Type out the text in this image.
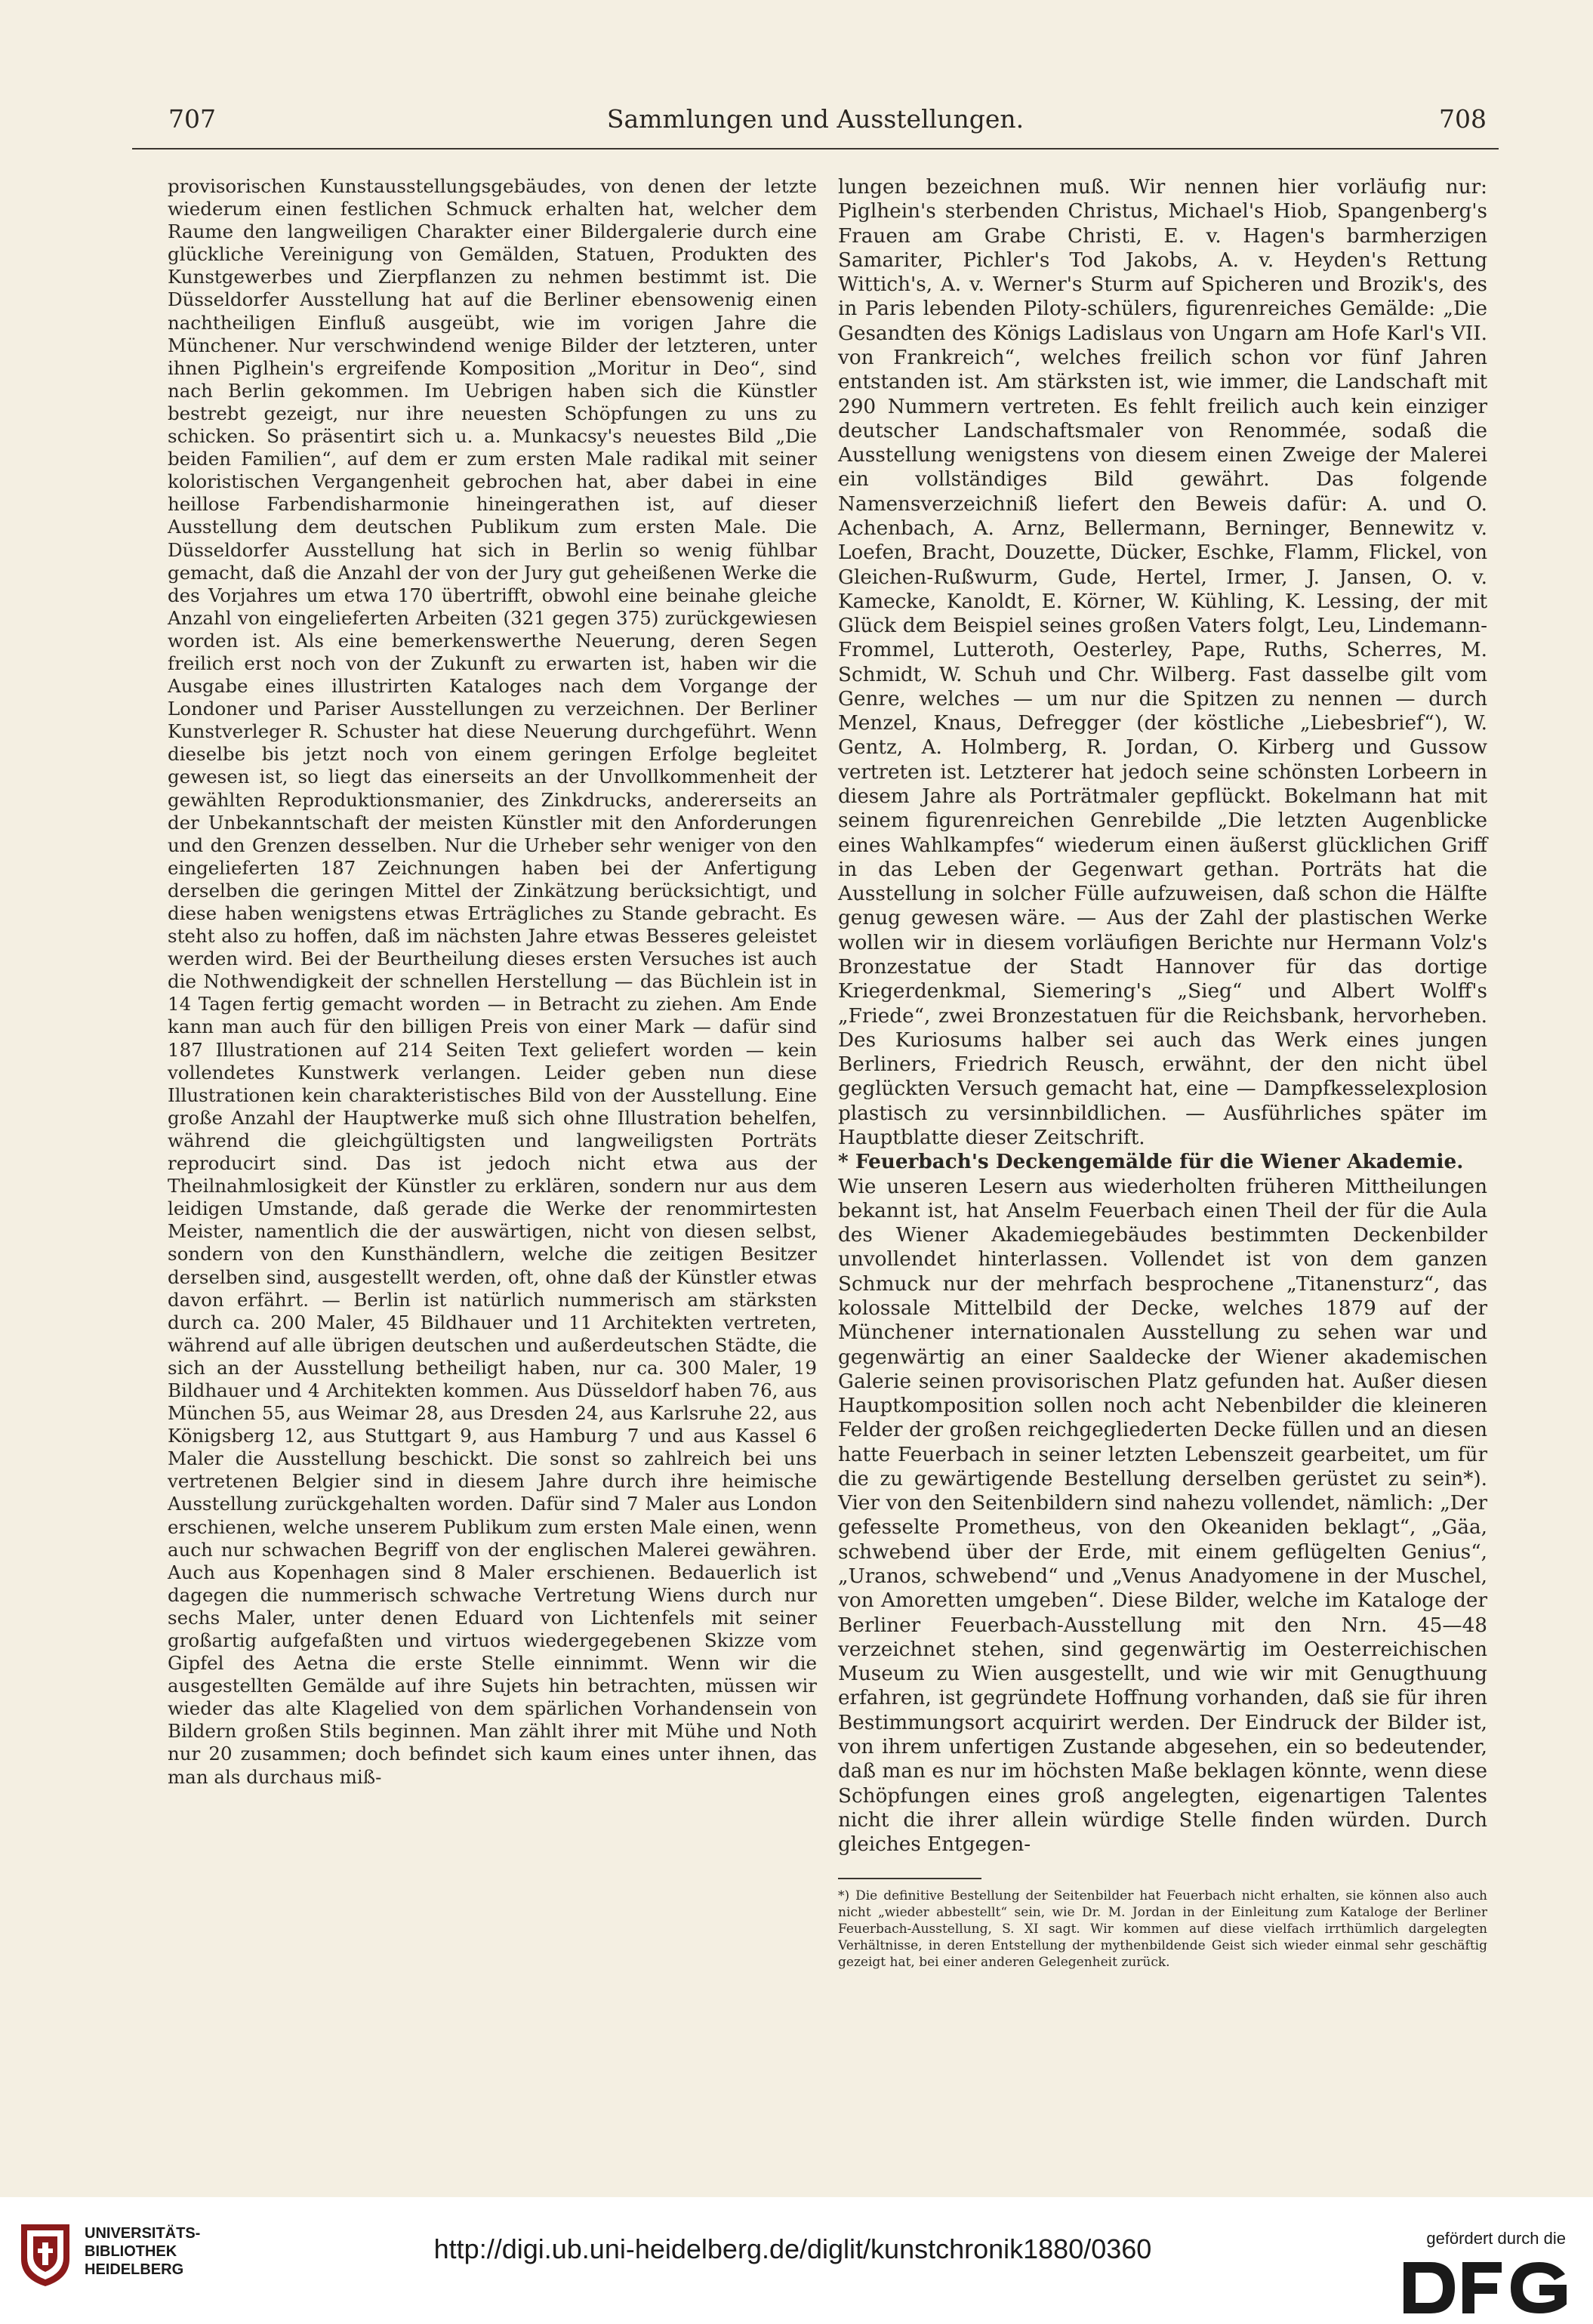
707	Sammlungen und Ausstellungen.	708

provisorischen Kunstausstellungsgebäudes, von denen der letzte wiederum einen festlichen Schmuck erhalten hat, welcher dem Raume den langweiligen Charakter einer Bildergalerie durch eine glückliche Vereinigung von Gemälden, Statuen, Produkten des Kunstgewerbes und Zierpflanzen zu nehmen bestimmt ist. Die Düsseldorfer Ausstellung hat auf die Berliner ebensowenig einen nachtheiligen Einfluß ausgeübt, wie im vorigen Jahre die Münchener. Nur verschwindend wenige Bilder der letzteren, unter ihnen Piglhein's ergreifende Komposition „Moritur in Deo“, sind nach Berlin gekommen. Im Uebrigen haben sich die Künstler bestrebt gezeigt, nur ihre neuesten Schöpfungen zu uns zu schicken. So präsentirt sich u. a. Munkacsy's neuestes Bild „Die beiden Familien“, auf dem er zum ersten Male radikal mit seiner koloristischen Vergangenheit gebrochen hat, aber dabei in eine heillose Farbendisharmonie hineingerathen ist, auf dieser Ausstellung dem deutschen Publikum zum ersten Male. Die Düsseldorfer Ausstellung hat sich in Berlin so wenig fühlbar gemacht, daß die Anzahl der von der Jury gut geheißenen Werke die des Vorjahres um etwa 170 übertrifft, obwohl eine beinahe gleiche Anzahl von eingelieferten Arbeiten (321 gegen 375) zurückgewiesen worden ist. Als eine bemerkenswerthe Neuerung, deren Segen freilich erst noch von der Zukunft zu erwarten ist, haben wir die Ausgabe eines illustrirten Kataloges nach dem Vorgange der Londoner und Pariser Ausstellungen zu verzeichnen. Der Berliner Kunstverleger R. Schuster hat diese Neuerung durchgeführt. Wenn dieselbe bis jetzt noch von einem geringen Erfolge begleitet gewesen ist, so liegt das einerseits an der Unvollkommenheit der gewählten Reproduktionsmanier, des Zinkdrucks, andererseits an der Unbekanntschaft der meisten Künstler mit den Anforderungen und den Grenzen desselben. Nur die Urheber sehr weniger von den eingelieferten 187 Zeichnungen haben bei der Anfertigung derselben die geringen Mittel der Zinkätzung berücksichtigt, und diese haben wenigstens etwas Erträgliches zu Stande gebracht. Es steht also zu hoffen, daß im nächsten Jahre etwas Besseres geleistet werden wird. Bei der Beurtheilung dieses ersten Versuches ist auch die Nothwendigkeit der schnellen Herstellung — das Büchlein ist in 14 Tagen fertig gemacht worden — in Betracht zu ziehen. Am Ende kann man auch für den billigen Preis von einer Mark — dafür sind 187 Illustrationen auf 214 Seiten Text geliefert worden — kein vollendetes Kunstwerk verlangen. Leider geben nun diese Illustrationen kein charakteristisches Bild von der Ausstellung. Eine große Anzahl der Hauptwerke muß sich ohne Illustration behelfen, während die gleichgültigsten und langweiligsten Porträts reproducirt sind. Das ist jedoch nicht etwa aus der Theilnahmlosigkeit der Künstler zu erklären, sondern nur aus dem leidigen Umstande, daß gerade die Werke der renommirtesten Meister, namentlich die der auswärtigen, nicht von diesen selbst, sondern von den Kunsthändlern, welche die zeitigen Besitzer derselben sind, ausgestellt werden, oft, ohne daß der Künstler etwas davon erfährt. — Berlin ist natürlich nummerisch am stärksten durch ca. 200 Maler, 45 Bildhauer und 11 Architekten vertreten, während auf alle übrigen deutschen und außerdeutschen Städte, die sich an der Ausstellung betheiligt haben, nur ca. 300 Maler, 19 Bildhauer und 4 Architekten kommen. Aus Düsseldorf haben 76, aus München 55, aus Weimar 28, aus Dresden 24, aus Karlsruhe 22, aus Königsberg 12, aus Stuttgart 9, aus Hamburg 7 und aus Kassel 6 Maler die Ausstellung beschickt. Die sonst so zahlreich bei uns vertretenen Belgier sind in diesem Jahre durch ihre heimische Ausstellung zurückgehalten worden. Dafür sind 7 Maler aus London erschienen, welche unserem Publikum zum ersten Male einen, wenn auch nur schwachen Begriff von der englischen Malerei gewähren. Auch aus Kopenhagen sind 8 Maler erschienen. Bedauerlich ist dagegen die nummerisch schwache Vertretung Wiens durch nur sechs Maler, unter denen Eduard von Lichtenfels mit seiner großartig aufgefaßten und virtuos wiedergegebenen Skizze vom Gipfel des Aetna die erste Stelle einnimmt. Wenn wir die ausgestellten Gemälde auf ihre Sujets hin betrachten, müssen wir wieder das alte Klagelied von dem spärlichen Vorhandensein von Bildern großen Stils beginnen. Man zählt ihrer mit Mühe und Noth nur 20 zusammen; doch befindet sich kaum eines unter ihnen, das man als durchaus miß-

lungen bezeichnen muß. Wir nennen hier vorläufig nur: Piglhein's sterbenden Christus, Michael's Hiob, Spangenberg's Frauen am Grabe Christi, E. v. Hagen's barmherzigen Samariter, Pichler's Tod Jakobs, A. v. Heyden's Rettung Wittich's, A. v. Werner's Sturm auf Spicheren und Brozik's, des in Paris lebenden Piloty-schülers, figurenreiches Gemälde: „Die Gesandten des Königs Ladislaus von Ungarn am Hofe Karl's VII. von Frankreich“, welches freilich schon vor fünf Jahren entstanden ist. Am stärksten ist, wie immer, die Landschaft mit 290 Nummern vertreten. Es fehlt freilich auch kein einziger deutscher Landschaftsmaler von Renommée, sodaß die Ausstellung wenigstens von diesem einen Zweige der Malerei ein vollständiges Bild gewährt. Das folgende Namensverzeichniß liefert den Beweis dafür: A. und O. Achenbach, A. Arnz, Bellermann, Berninger, Bennewitz v. Loefen, Bracht, Douzette, Dücker, Eschke, Flamm, Flickel, von Gleichen-Rußwurm, Gude, Hertel, Irmer, J. Jansen, O. v. Kamecke, Kanoldt, E. Körner, W. Kühling, K. Lessing, der mit Glück dem Beispiel seines großen Vaters folgt, Leu, Lindemann-Frommel, Lutteroth, Oesterley, Pape, Ruths, Scherres, M. Schmidt, W. Schuh und Chr. Wilberg. Fast dasselbe gilt vom Genre, welches — um nur die Spitzen zu nennen — durch Menzel, Knaus, Defregger (der köstliche „Liebesbrief“), W. Gentz, A. Holmberg, R. Jordan, O. Kirberg und Gussow vertreten ist. Letzterer hat jedoch seine schönsten Lorbeern in diesem Jahre als Porträtmaler gepflückt. Bokelmann hat mit seinem figurenreichen Genrebilde „Die letzten Augenblicke eines Wahlkampfes“ wiederum einen äußerst glücklichen Griff in das Leben der Gegenwart gethan. Porträts hat die Ausstellung in solcher Fülle aufzuweisen, daß schon die Hälfte genug gewesen wäre. — Aus der Zahl der plastischen Werke wollen wir in diesem vorläufigen Berichte nur Hermann Volz's Bronzestatue der Stadt Hannover für das dortige Kriegerdenkmal, Siemering's „Sieg“ und Albert Wolff's „Friede“, zwei Bronzestatuen für die Reichsbank, hervorheben. Des Kuriosums halber sei auch das Werk eines jungen Berliners, Friedrich Reusch, erwähnt, der den nicht übel geglückten Versuch gemacht hat, eine — Dampfkesselexplosion plastisch zu versinnbildlichen. — Ausführliches später im Hauptblatte dieser Zeitschrift.

* Feuerbach's Deckengemälde für die Wiener Akademie.

Wie unseren Lesern aus wiederholten früheren Mittheilungen bekannt ist, hat Anselm Feuerbach einen Theil der für die Aula des Wiener Akademiegebäudes bestimmten Deckenbilder unvollendet hinterlassen. Vollendet ist von dem ganzen Schmuck nur der mehrfach besprochene „Titanensturz“, das kolossale Mittelbild der Decke, welches 1879 auf der Münchener internationalen Ausstellung zu sehen war und gegenwärtig an einer Saaldecke der Wiener akademischen Galerie seinen provisorischen Platz gefunden hat. Außer diesen Hauptkomposition sollen noch acht Nebenbilder die kleineren Felder der großen reichgegliederten Decke füllen und an diesen hatte Feuerbach in seiner letzten Lebenszeit gearbeitet, um für die zu gewärtigende Bestellung derselben gerüstet zu sein*). Vier von den Seitenbildern sind nahezu vollendet, nämlich: „Der gefesselte Prometheus, von den Okeaniden beklagt“, „Gäa, schwebend über der Erde, mit einem geflügelten Genius“, „Uranos, schwebend“ und „Venus Anadyomene in der Muschel, von Amoretten umgeben“. Diese Bilder, welche im Kataloge der Berliner Feuerbach-Ausstellung mit den Nrn. 45—48 verzeichnet stehen, sind gegenwärtig im Oesterreichischen Museum zu Wien ausgestellt, und wie wir mit Genugthuung erfahren, ist gegründete Hoffnung vorhanden, daß sie für ihren Bestimmungsort acquirirt werden. Der Eindruck der Bilder ist, von ihrem unfertigen Zustande abgesehen, ein so bedeutender, daß man es nur im höchsten Maße beklagen könnte, wenn diese Schöpfungen eines groß angelegten, eigenartigen Talentes nicht die ihrer allein würdige Stelle finden würden. Durch gleiches Entgegen-

*) Die definitive Bestellung der Seitenbilder hat Feuerbach nicht erhalten, sie können also auch nicht „wieder abbestellt“ sein, wie Dr. M. Jordan in der Einleitung zum Kataloge der Berliner Feuerbach-Ausstellung, S. XI sagt. Wir kommen auf diese vielfach irrthümlich dargelegten Verhältnisse, in deren Entstellung der mythenbildende Geist sich wieder einmal sehr geschäftig gezeigt hat, bei einer anderen Gelegenheit zurück.

UNIVERSITÄTS-
BIBLIOTHEK
HEIDELBERG
http://digi.ub.uni-heidelberg.de/diglit/kunstchronik1880/0360	gefördert durch die
